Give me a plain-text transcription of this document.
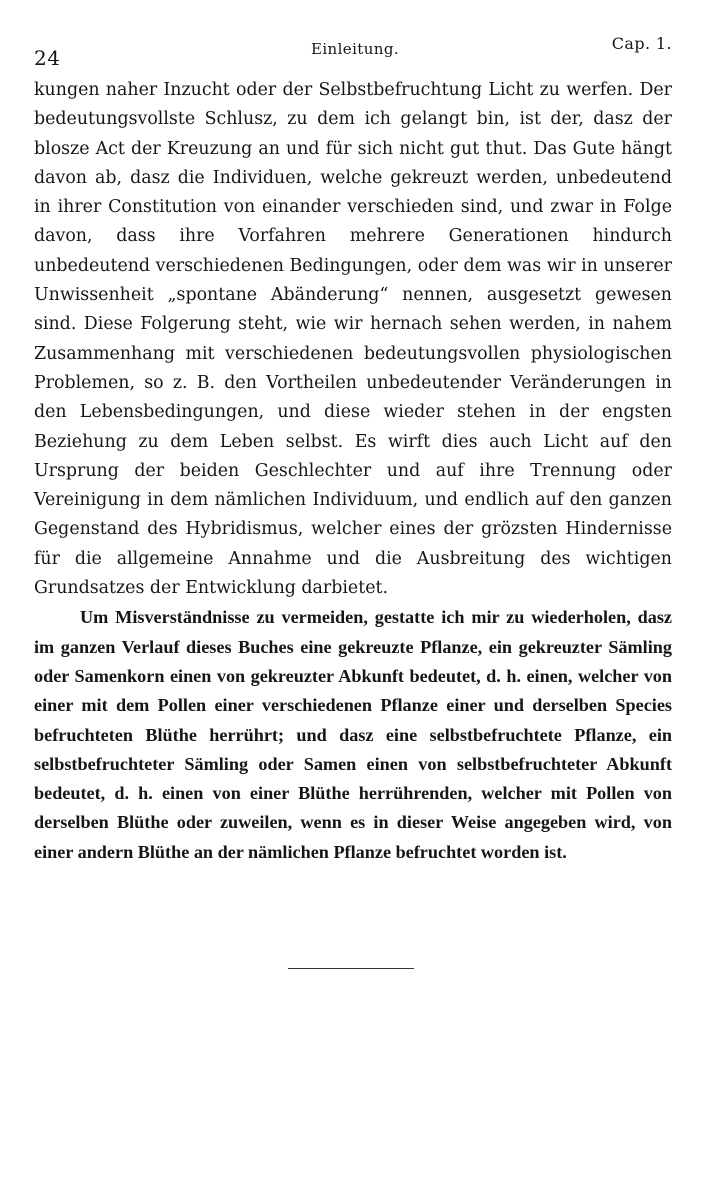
24	Einleitung.	Cap. 1.

kungen naher Inzucht oder der Selbstbefruchtung Licht zu werfen. Der bedeutungsvollste Schlusz, zu dem ich gelangt bin, ist der, dasz der blosze Act der Kreuzung an und für sich nicht gut thut. Das Gute hängt davon ab, dasz die Individuen, welche gekreuzt werden, unbedeutend in ihrer Constitution von einander verschieden sind, und zwar in Folge davon, dass ihre Vorfahren mehrere Generationen hindurch unbedeutend verschiedenen Bedingungen, oder dem was wir in unserer Unwissenheit „spontane Abänderung“ nennen, ausgesetzt gewesen sind. Diese Folgerung steht, wie wir hernach sehen werden, in nahem Zusammenhang mit verschiedenen bedeutungsvollen physiologischen Problemen, so z. B. den Vortheilen unbedeutender Veränderungen in den Lebensbedingungen, und diese wieder stehen in der engsten Beziehung zu dem Leben selbst. Es wirft dies auch Licht auf den Ursprung der beiden Geschlechter und auf ihre Trennung oder Vereinigung in dem nämlichen Individuum, und endlich auf den ganzen Gegenstand des Hybridismus, welcher eines der grözsten Hindernisse für die allgemeine Annahme und die Ausbreitung des wichtigen Grundsatzes der Entwicklung darbietet.

Um Misverständnisse zu vermeiden, gestatte ich mir zu wiederholen, dasz im ganzen Verlauf dieses Buches eine gekreuzte Pflanze, ein gekreuzter Sämling oder Samenkorn einen von gekreuzter Abkunft bedeutet, d. h. einen, welcher von einer mit dem Pollen einer verschiedenen Pflanze einer und derselben Species befruchteten Blüthe herrührt; und dasz eine selbstbefruchtete Pflanze, ein selbstbefruchteter Sämling oder Samen einen von selbstbefruchteter Abkunft bedeutet, d. h. einen von einer Blüthe herrührenden, welcher mit Pollen von derselben Blüthe oder zuweilen, wenn es in dieser Weise angegeben wird, von einer andern Blüthe an der nämlichen Pflanze befruchtet worden ist.
